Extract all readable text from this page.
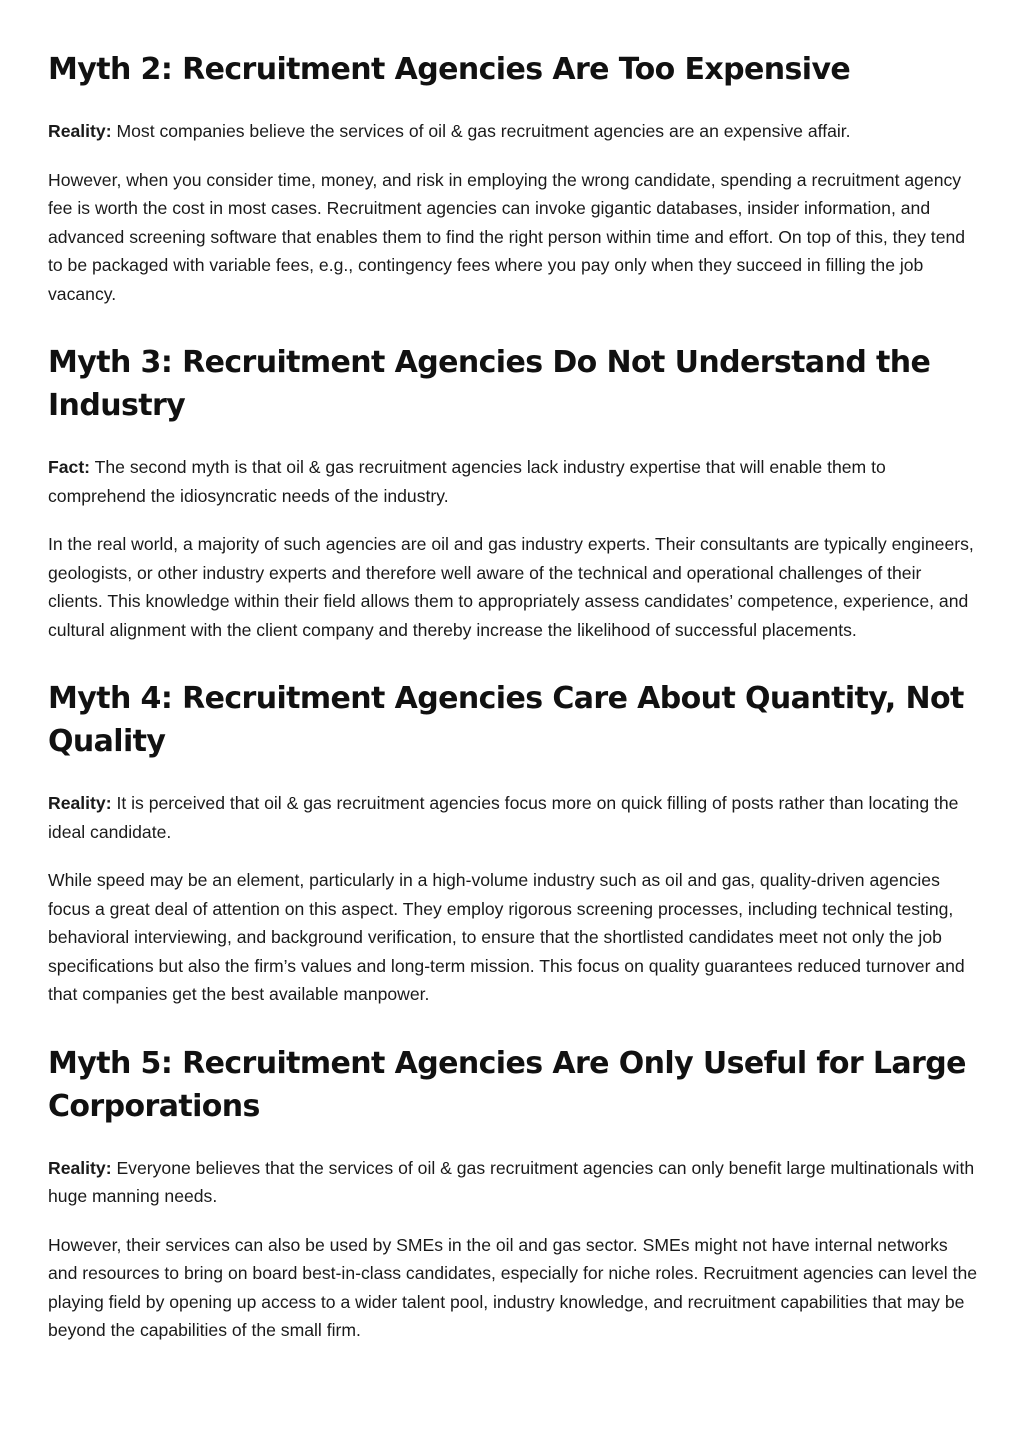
Myth 2: Recruitment Agencies Are Too Expensive

Reality: Most companies believe the services of oil & gas recruitment agencies are an expensive affair.

However, when you consider time, money, and risk in employing the wrong candidate, spending a recruitment agency fee is worth the cost in most cases. Recruitment agencies can invoke gigantic databases, insider information, and advanced screening software that enables them to find the right person within time and effort. On top of this, they tend to be packaged with variable fees, e.g., contingency fees where you pay only when they succeed in filling the job vacancy.

Myth 3: Recruitment Agencies Do Not Understand the Industry

Fact: The second myth is that oil & gas recruitment agencies lack industry expertise that will enable them to comprehend the idiosyncratic needs of the industry.

In the real world, a majority of such agencies are oil and gas industry experts. Their consultants are typically engineers, geologists, or other industry experts and therefore well aware of the technical and operational challenges of their clients. This knowledge within their field allows them to appropriately assess candidates’ competence, experience, and cultural alignment with the client company and thereby increase the likelihood of successful placements.

Myth 4: Recruitment Agencies Care About Quantity, Not Quality

Reality: It is perceived that oil & gas recruitment agencies focus more on quick filling of posts rather than locating the ideal candidate.

While speed may be an element, particularly in a high-volume industry such as oil and gas, quality-driven agencies focus a great deal of attention on this aspect. They employ rigorous screening processes, including technical testing, behavioral interviewing, and background verification, to ensure that the shortlisted candidates meet not only the job specifications but also the firm’s values and long-term mission. This focus on quality guarantees reduced turnover and that companies get the best available manpower.

Myth 5: Recruitment Agencies Are Only Useful for Large Corporations

Reality: Everyone believes that the services of oil & gas recruitment agencies can only benefit large multinationals with huge manning needs.

However, their services can also be used by SMEs in the oil and gas sector. SMEs might not have internal networks and resources to bring on board best-in-class candidates, especially for niche roles. Recruitment agencies can level the playing field by opening up access to a wider talent pool, industry knowledge, and recruitment capabilities that may be beyond the capabilities of the small firm.
